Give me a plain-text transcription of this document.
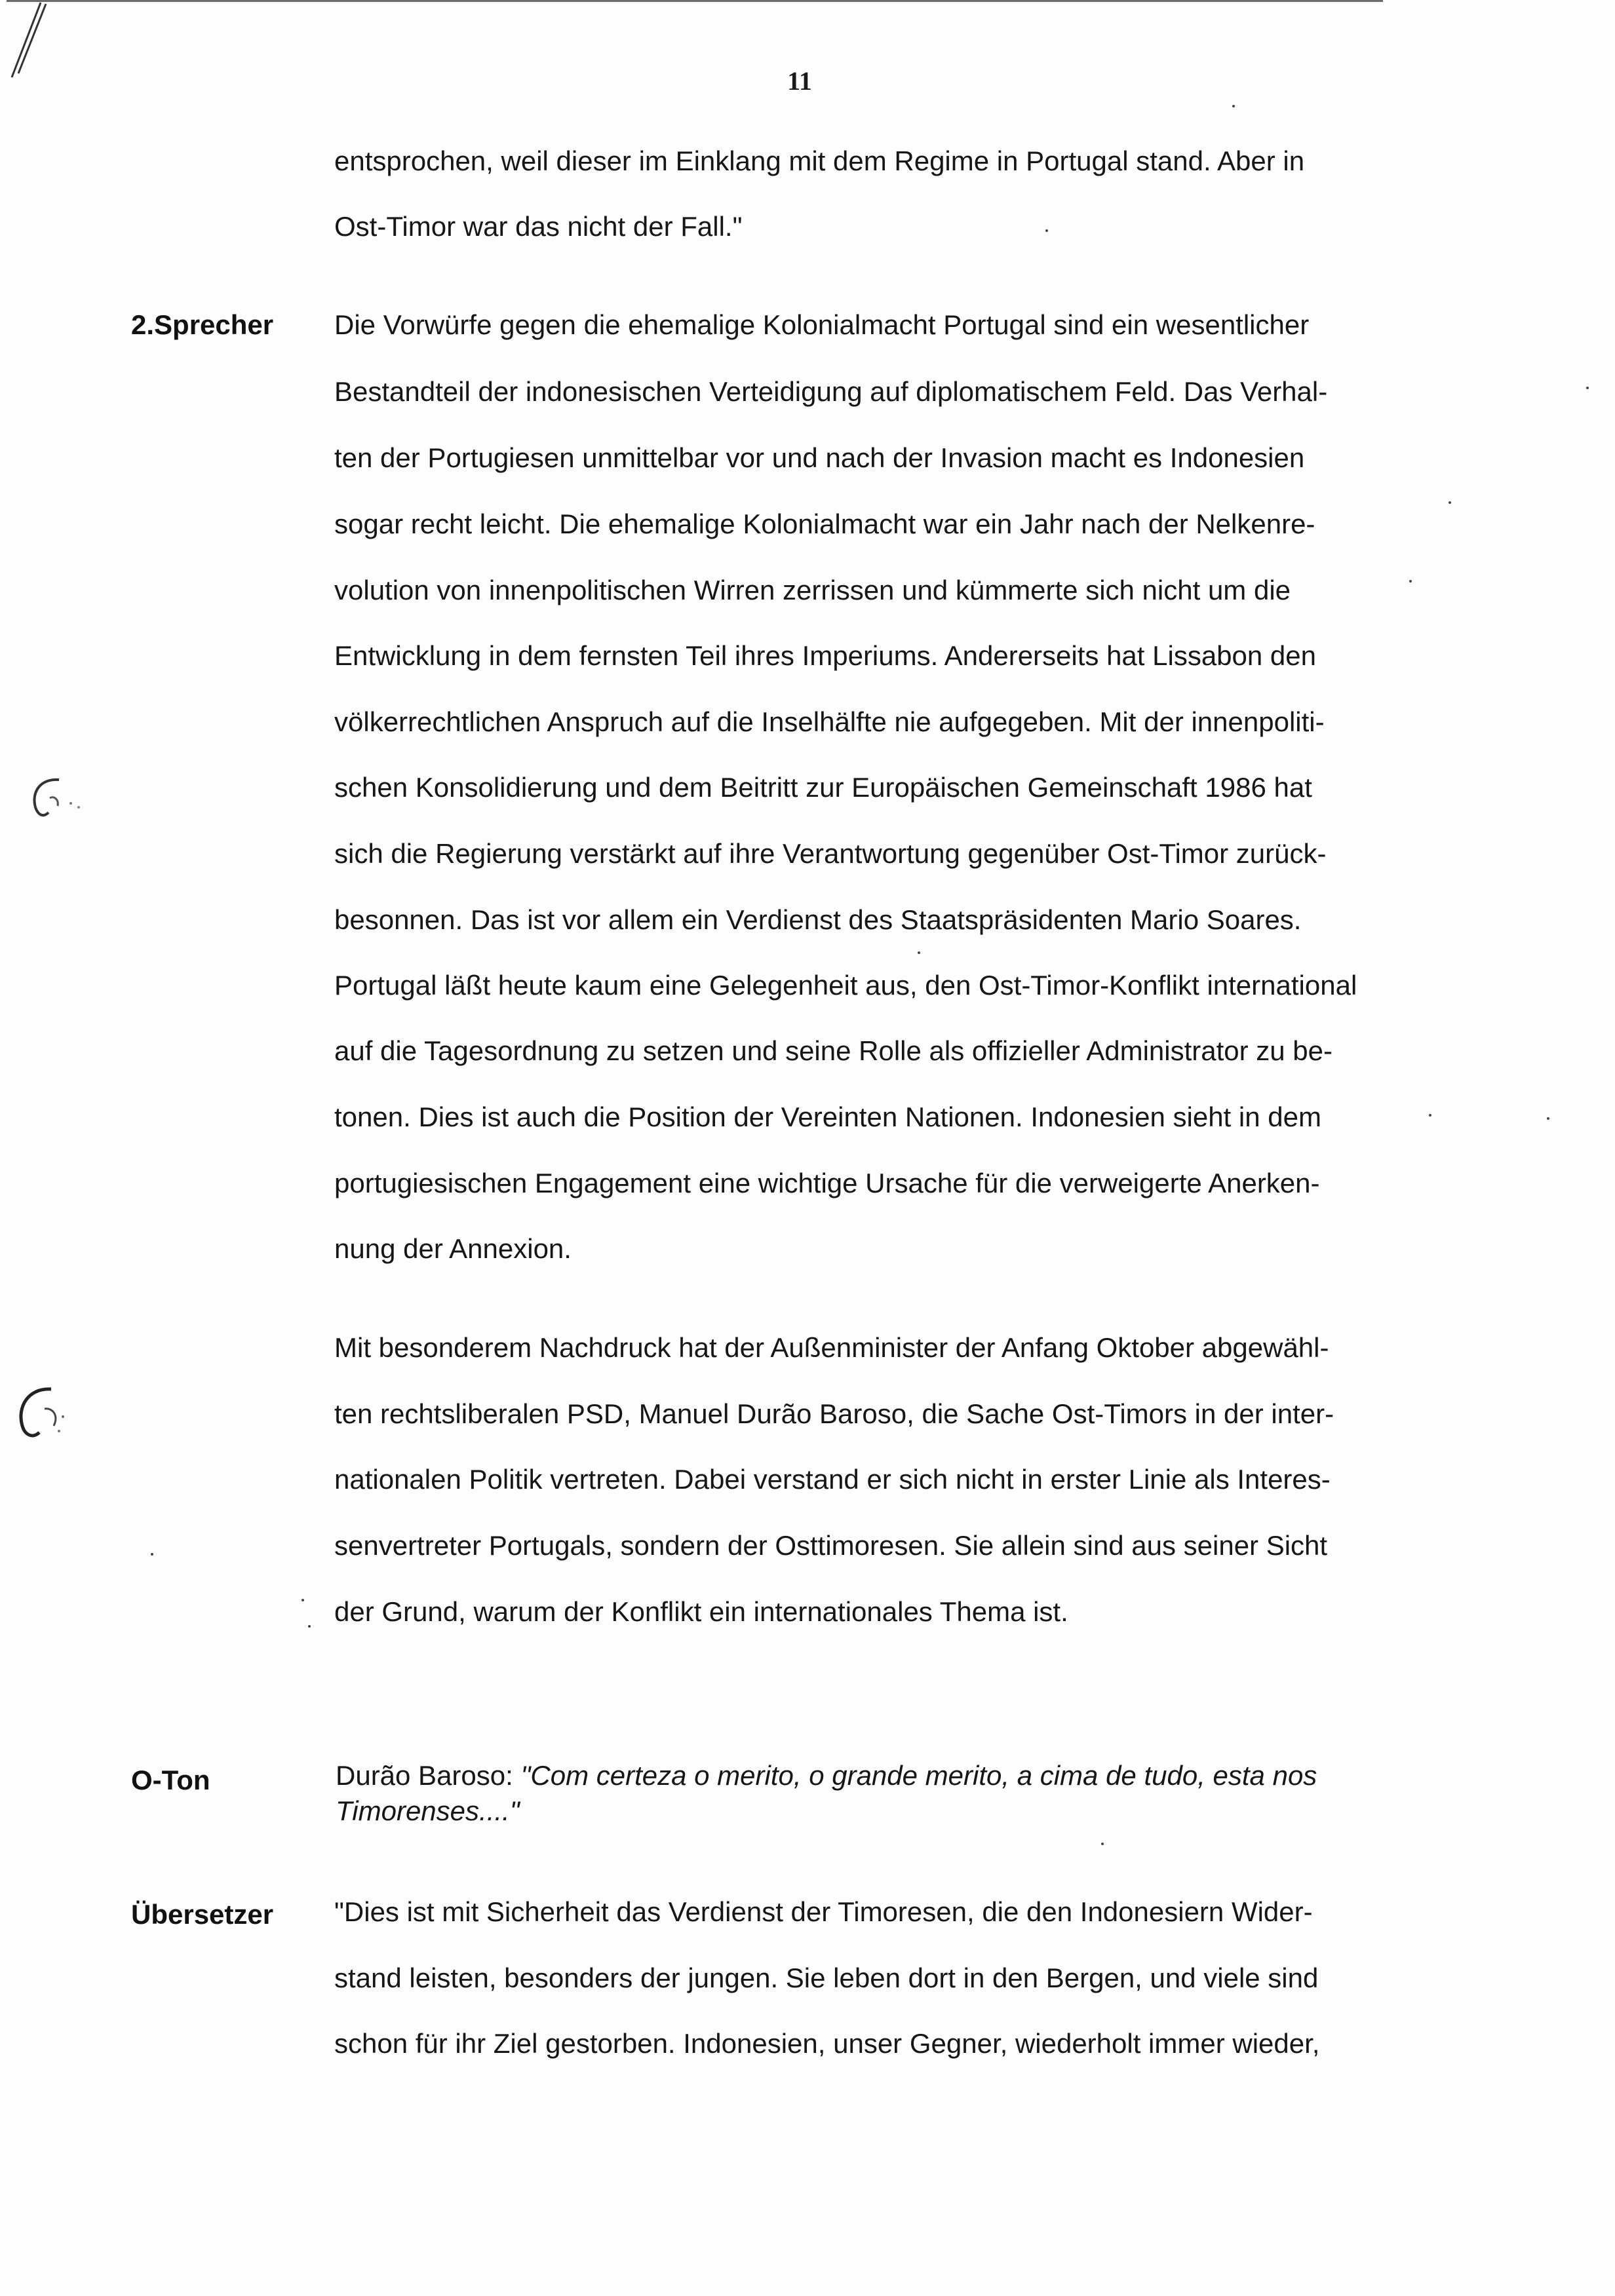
11
entsprochen, weil dieser im Einklang mit dem Regime in Portugal stand. Aber in
Ost-Timor war das nicht der Fall."
2.Sprecher Die Vorwürfe gegen die ehemalige Kolonialmacht Portugal sind ein wesentlicher
Bestandteil der indonesischen Verteidigung auf diplomatischem Feld. Das Verhal-
ten der Portugiesen unmittelbar vor und nach der Invasion macht es Indonesien
sogar recht leicht. Die ehemalige Kolonialmacht war ein Jahr nach der Nelkenre-
volution von innenpolitischen Wirren zerrissen und kümmerte sich nicht um die
Entwicklung in dem fernsten Teil ihres Imperiums. Andererseits hat Lissabon den
völkerrechtlichen Anspruch auf die Inselhälfte nie aufgegeben. Mit der innenpoliti-
schen Konsolidierung und dem Beitritt zur Europäischen Gemeinschaft 1986 hat
sich die Regierung verstärkt auf ihre Verantwortung gegenüber Ost-Timor zurück-
besonnen. Das ist vor allem ein Verdienst des Staatspräsidenten Mario Soares.
Portugal läßt heute kaum eine Gelegenheit aus, den Ost-Timor-Konflikt international
auf die Tagesordnung zu setzen und seine Rolle als offizieller Administrator zu be-
tonen. Dies ist auch die Position der Vereinten Nationen. Indonesien sieht in dem
portugiesischen Engagement eine wichtige Ursache für die verweigerte Anerken-
nung der Annexion.
Mit besonderem Nachdruck hat der Außenminister der Anfang Oktober abgewähl-
ten rechtsliberalen PSD, Manuel Durão Baroso, die Sache Ost-Timors in der inter-
nationalen Politik vertreten. Dabei verstand er sich nicht in erster Linie als Interes-
senvertreter Portugals, sondern der Osttimoresen. Sie allein sind aus seiner Sicht
der Grund, warum der Konflikt ein internationales Thema ist.
O-Ton	Durão Baroso: "Com certeza o merito, o grande merito, a cima de tudo, esta nos
Timorenses...."
Übersetzer "Dies ist mit Sicherheit das Verdienst der Timoresen, die den Indonesiern Wider-
stand leisten, besonders der jungen. Sie leben dort in den Bergen, und viele sind
schon für ihr Ziel gestorben. Indonesien, unser Gegner, wiederholt immer wieder,
